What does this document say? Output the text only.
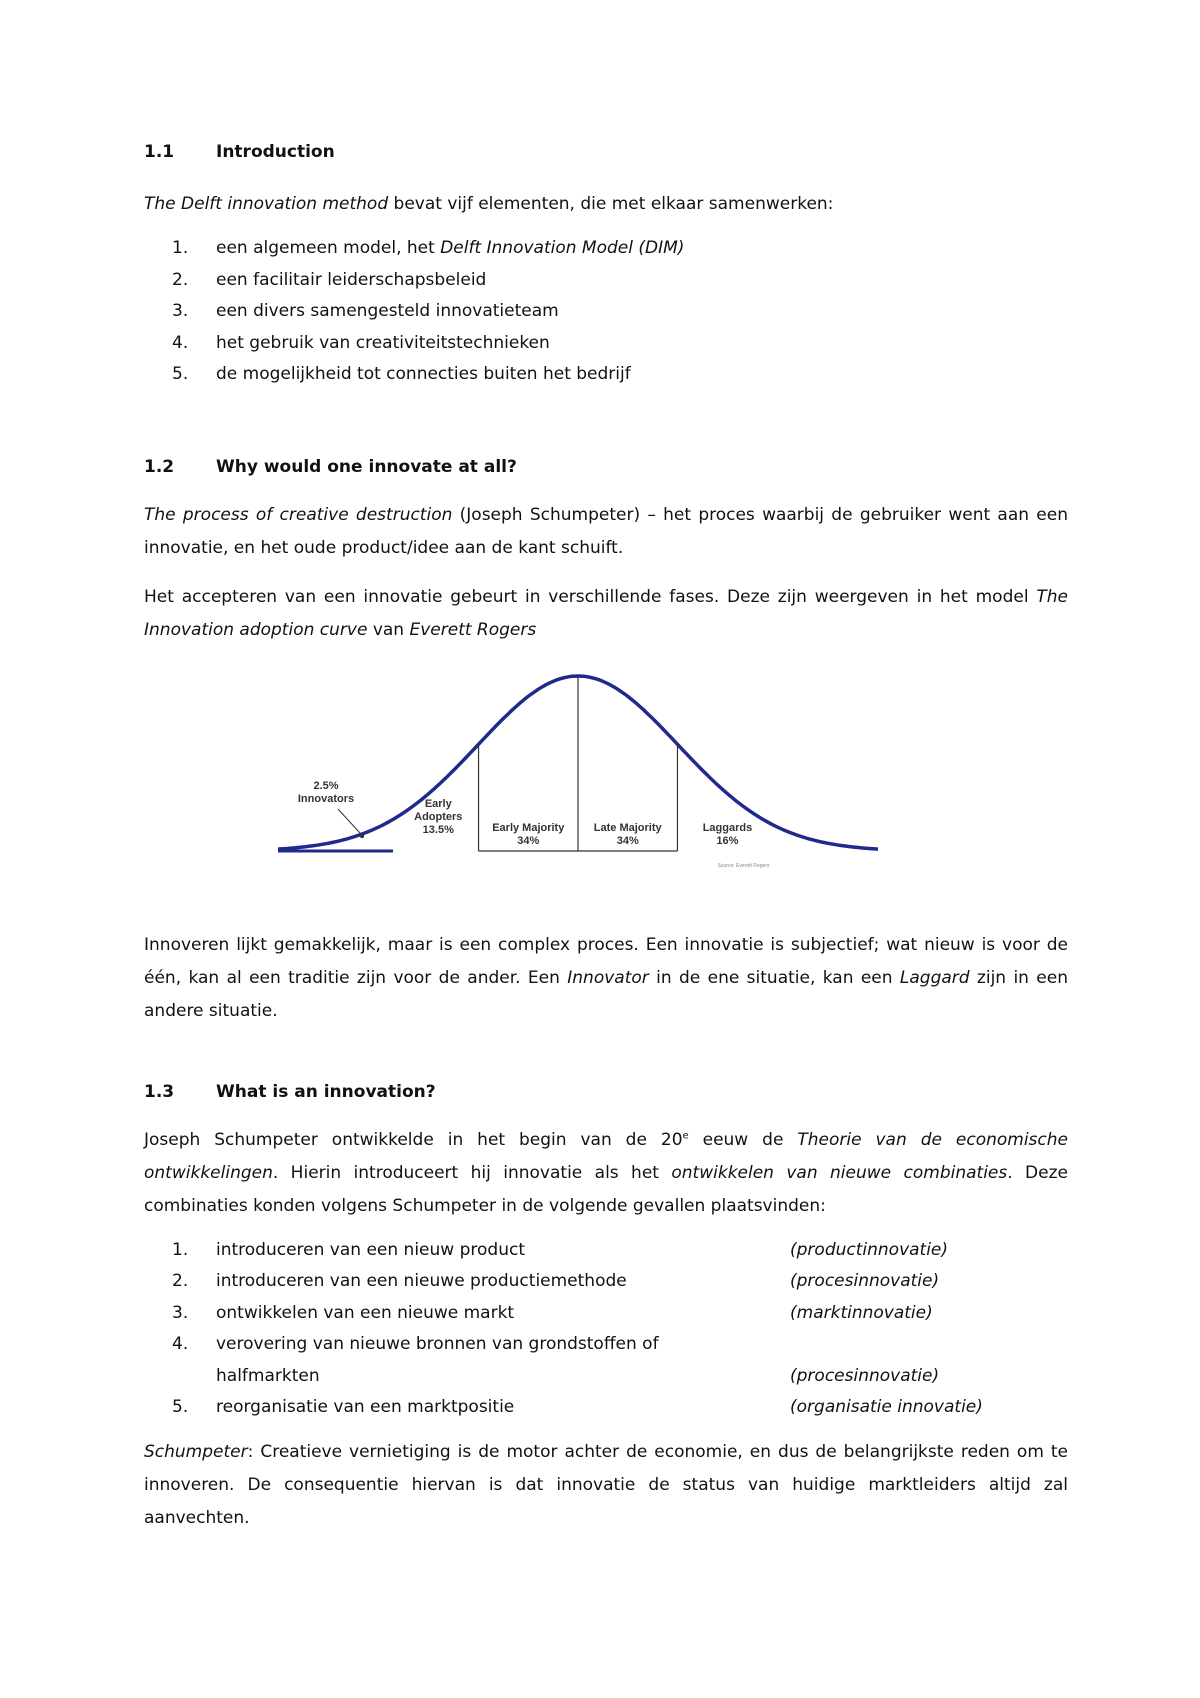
1.1	Introduction

The Delft innovation method bevat vijf elementen, die met elkaar samenwerken:

1.	een algemeen model, het Delft Innovation Model (DIM)
2.	een facilitair leiderschapsbeleid
3.	een divers samengesteld innovatieteam
4.	het gebruik van creativiteitstechnieken
5.	de mogelijkheid tot connecties buiten het bedrijf
1.2	Why would one innovate at all?

The process of creative destruction (Joseph Schumpeter) – het proces waarbij de gebruiker went aan een innovatie, en het oude product/idee aan de kant schuift.

Het accepteren van een innovatie gebeurt in verschillende fases. Deze zijn weergeven in het model The Innovation adoption curve van Everett Rogers

2.5% Innovators	Early Adopters 13.5%	Early Majority 34%
Late Majority 34%
Laggards 16%
Source: Everett Rogers

Innoveren lijkt gemakkelijk, maar is een complex proces. Een innovatie is subjectief; wat nieuw is voor de één, kan al een traditie zijn voor de ander. Een Innovator in de ene situatie, kan een Laggard zijn in een andere situatie.

1.3	What is an innovation?

Joseph Schumpeter ontwikkelde in het begin van de 20e eeuw de Theorie van de economische ontwikkelingen. Hierin introduceert hij innovatie als het ontwikkelen van nieuwe combinaties. Deze combinaties konden volgens Schumpeter in de volgende gevallen plaatsvinden:

1.	introduceren van een nieuw product	(productinnovatie)
2.	introduceren van een nieuwe productiemethode	(procesinnovatie)
3.	ontwikkelen van een nieuwe markt	(marktinnovatie)
4.	verovering van nieuwe bronnen van grondstoffen of halfmarkten	(procesinnovatie)
5.	reorganisatie van een marktpositie	(organisatie innovatie)

Schumpeter: Creatieve vernietiging is de motor achter de economie, en dus de belangrijkste reden om te innoveren. De consequentie hiervan is dat innovatie de status van huidige marktleiders altijd zal aanvechten.
